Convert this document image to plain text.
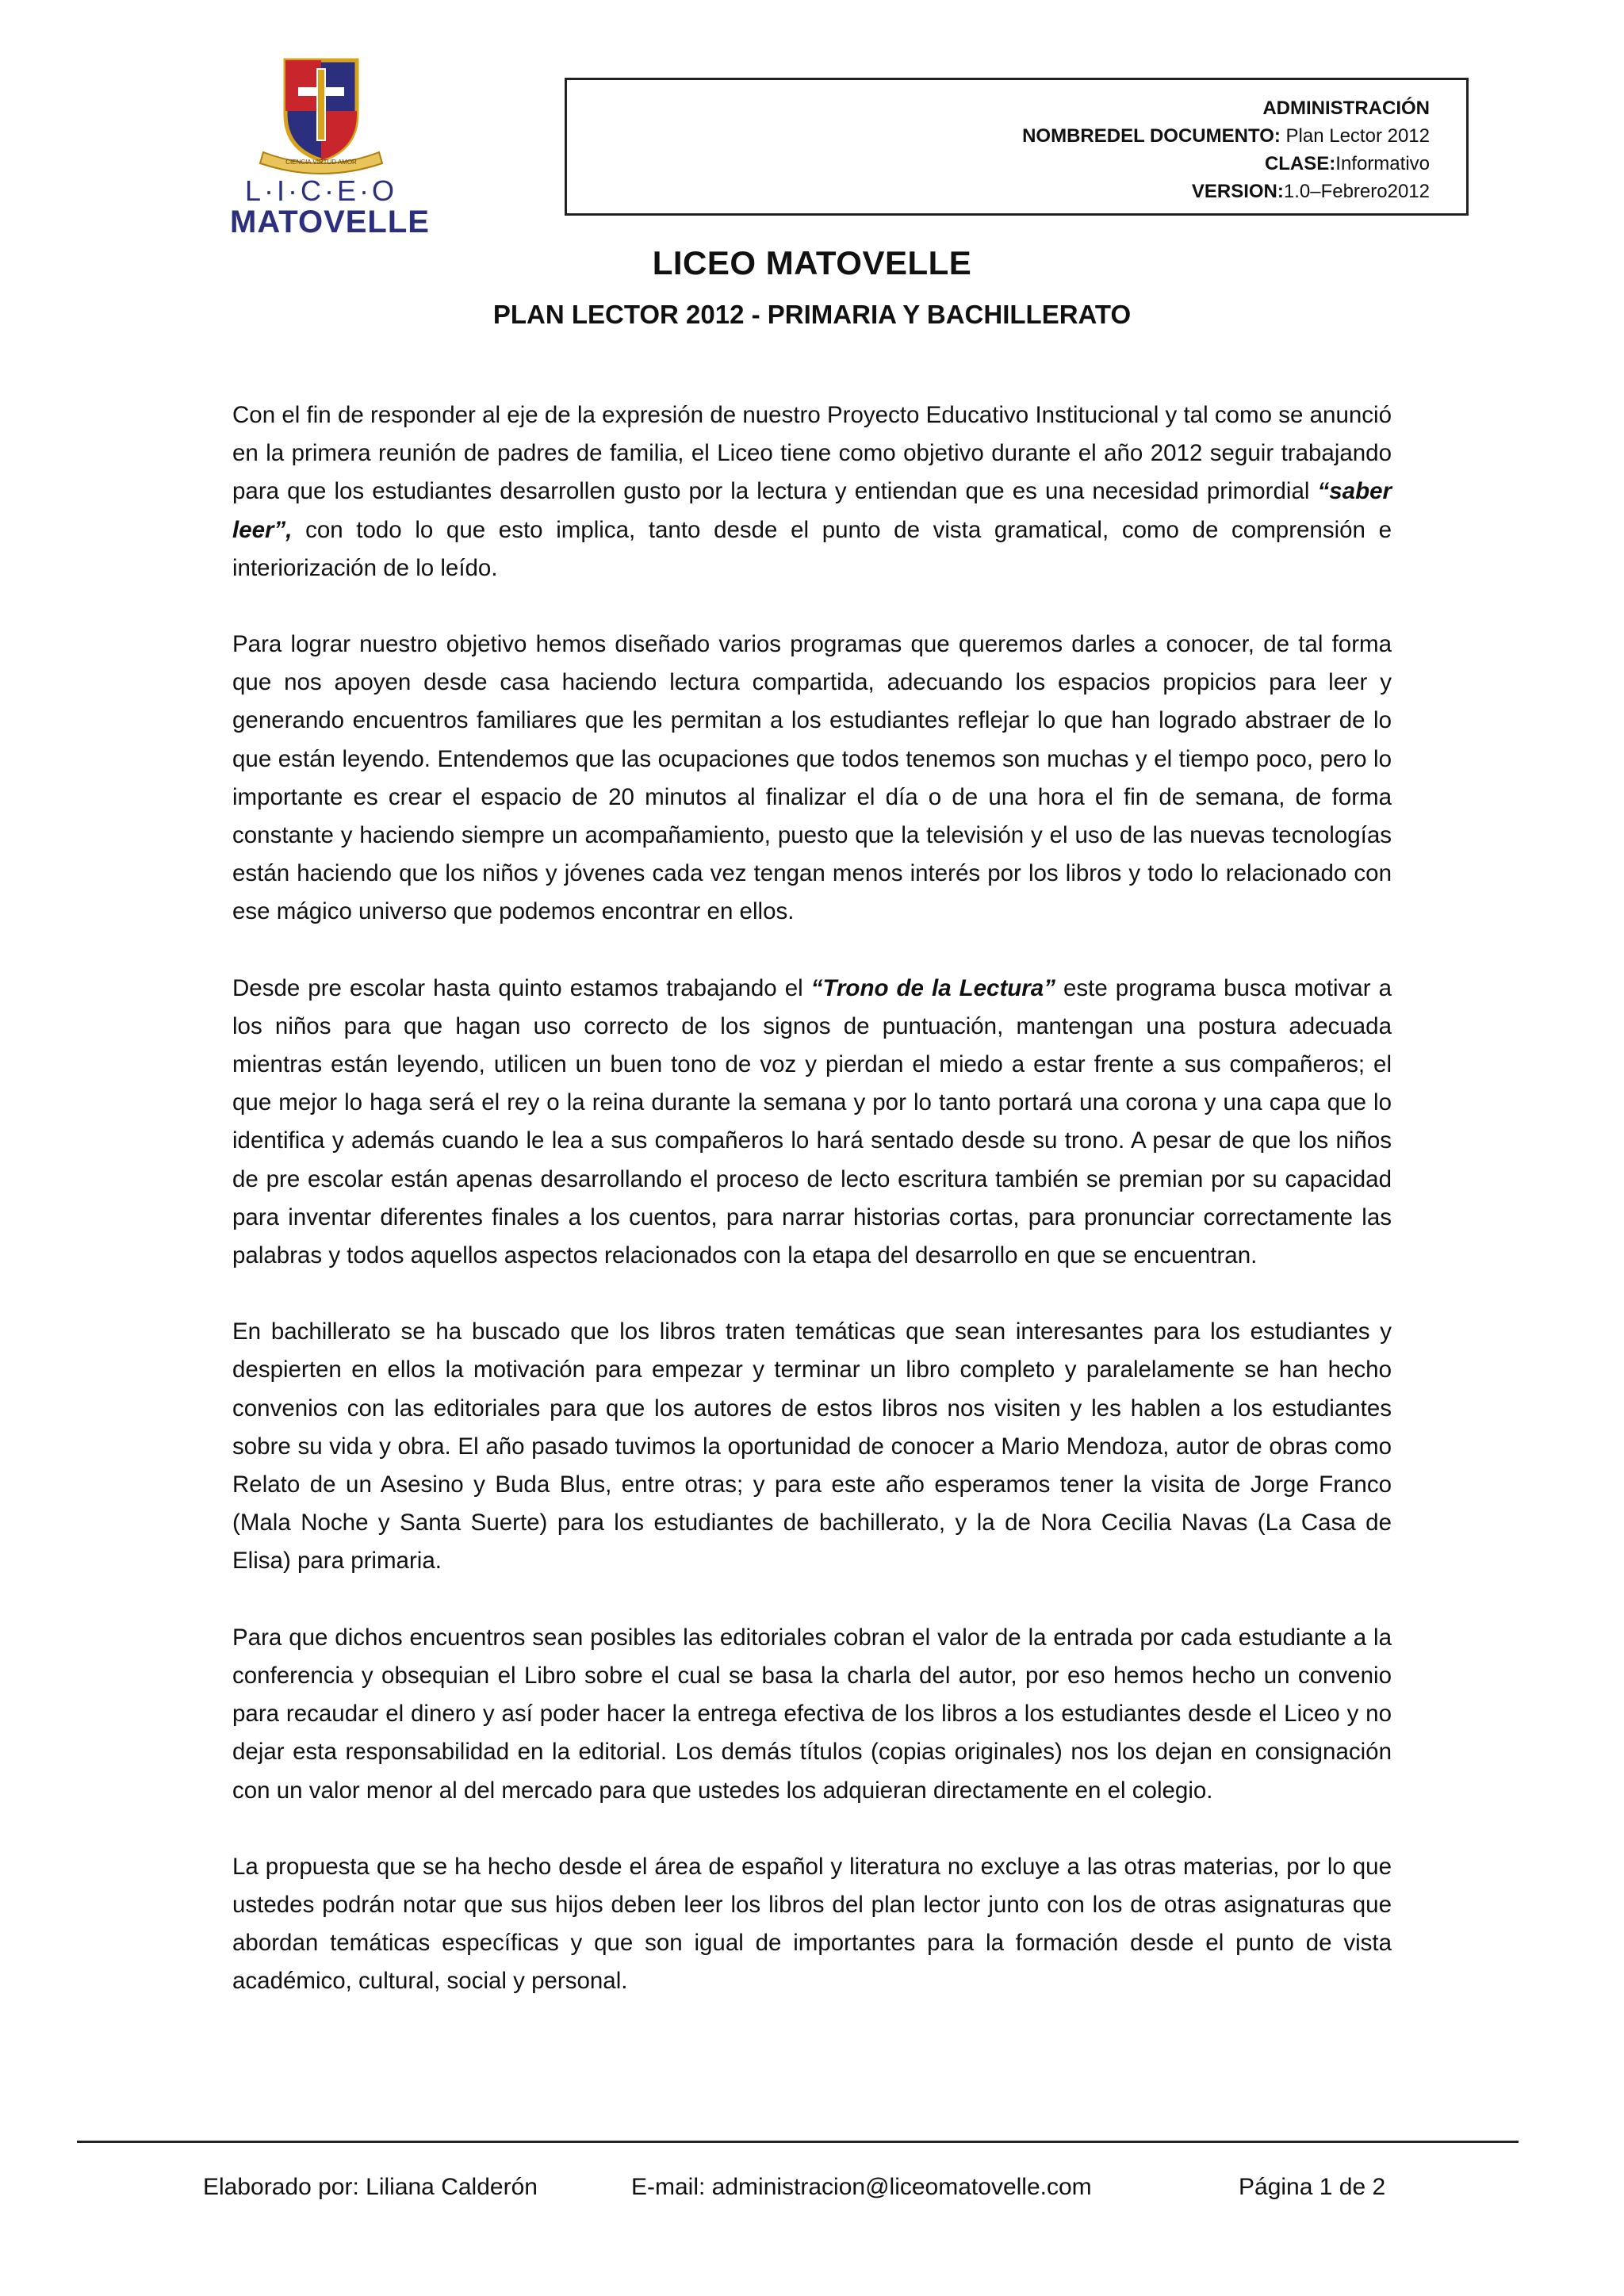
L·I·C·E·O
MATOVELLE
CIENCIA VIRTUD AMOR
ADMINISTRACIÓN
NOMBREDEL DOCUMENTO: Plan Lector 2012
CLASE:Informativo
VERSION:1.0–Febrero2012
LICEO MATOVELLE
PLAN LECTOR 2012 - PRIMARIA Y BACHILLERATO

Con el fin de responder al eje de la expresión de nuestro Proyecto Educativo Institucional y tal como se anunció en la primera reunión de padres de familia, el Liceo tiene como objetivo durante el año 2012 seguir trabajando para que los estudiantes desarrollen gusto por la lectura y entiendan que es una necesidad primordial “saber leer”, con todo lo que esto implica, tanto desde el punto de vista gramatical, como de comprensión e interiorización de lo leído.

Para lograr nuestro objetivo hemos diseñado varios programas que queremos darles a conocer, de tal forma que nos apoyen desde casa haciendo lectura compartida, adecuando los espacios propicios para leer y generando encuentros familiares que les permitan a los estudiantes reflejar lo que han logrado abstraer de lo que están leyendo. Entendemos que las ocupaciones que todos tenemos son muchas y el tiempo poco, pero lo importante es crear el espacio de 20 minutos al finalizar el día o de una hora el fin de semana, de forma constante y haciendo siempre un acompañamiento, puesto que la televisión y el uso de las nuevas tecnologías están haciendo que los niños y jóvenes cada vez tengan menos interés por los libros y todo lo relacionado con ese mágico universo que podemos encontrar en ellos.

Desde pre escolar hasta quinto estamos trabajando el “Trono de la Lectura” este programa busca motivar a los niños para que hagan uso correcto de los signos de puntuación, mantengan una postura adecuada mientras están leyendo, utilicen un buen tono de voz y pierdan el miedo a estar frente a sus compañeros; el que mejor lo haga será el rey o la reina durante la semana y por lo tanto portará una corona y una capa que lo identifica y además cuando le lea a sus compañeros lo hará sentado desde su trono. A pesar de que los niños de pre escolar están apenas desarrollando el proceso de lecto escritura también se premian por su capacidad para inventar diferentes finales a los cuentos, para narrar historias cortas, para pronunciar correctamente las palabras y todos aquellos aspectos relacionados con la etapa del desarrollo en que se encuentran.

En bachillerato se ha buscado que los libros traten temáticas que sean interesantes para los estudiantes y despierten en ellos la motivación para empezar y terminar un libro completo y paralelamente se han hecho convenios con las editoriales para que los autores de estos libros nos visiten y les hablen a los estudiantes sobre su vida y obra. El año pasado tuvimos la oportunidad de conocer a Mario Mendoza, autor de obras como Relato de un Asesino y Buda Blus, entre otras; y para este año esperamos tener la visita de Jorge Franco (Mala Noche y Santa Suerte) para los estudiantes de bachillerato, y la de Nora Cecilia Navas (La Casa de Elisa) para primaria.

Para que dichos encuentros sean posibles las editoriales cobran el valor de la entrada por cada estudiante a la conferencia y obsequian el Libro sobre el cual se basa la charla del autor, por eso hemos hecho un convenio para recaudar el dinero y así poder hacer la entrega efectiva de los libros a los estudiantes desde el Liceo y no dejar esta responsabilidad en la editorial. Los demás títulos (copias originales) nos los dejan en consignación con un valor menor al del mercado para que ustedes los adquieran directamente en el colegio.

La propuesta que se ha hecho desde el área de español y literatura no excluye a las otras materias, por lo que ustedes podrán notar que sus hijos deben leer los libros del plan lector junto con los de otras asignaturas que abordan temáticas específicas y que son igual de importantes para la formación desde el punto de vista académico, cultural, social y personal.

Elaborado por: Liliana Calderón	E-mail: administracion@liceomatovelle.com	Página 1 de 2
